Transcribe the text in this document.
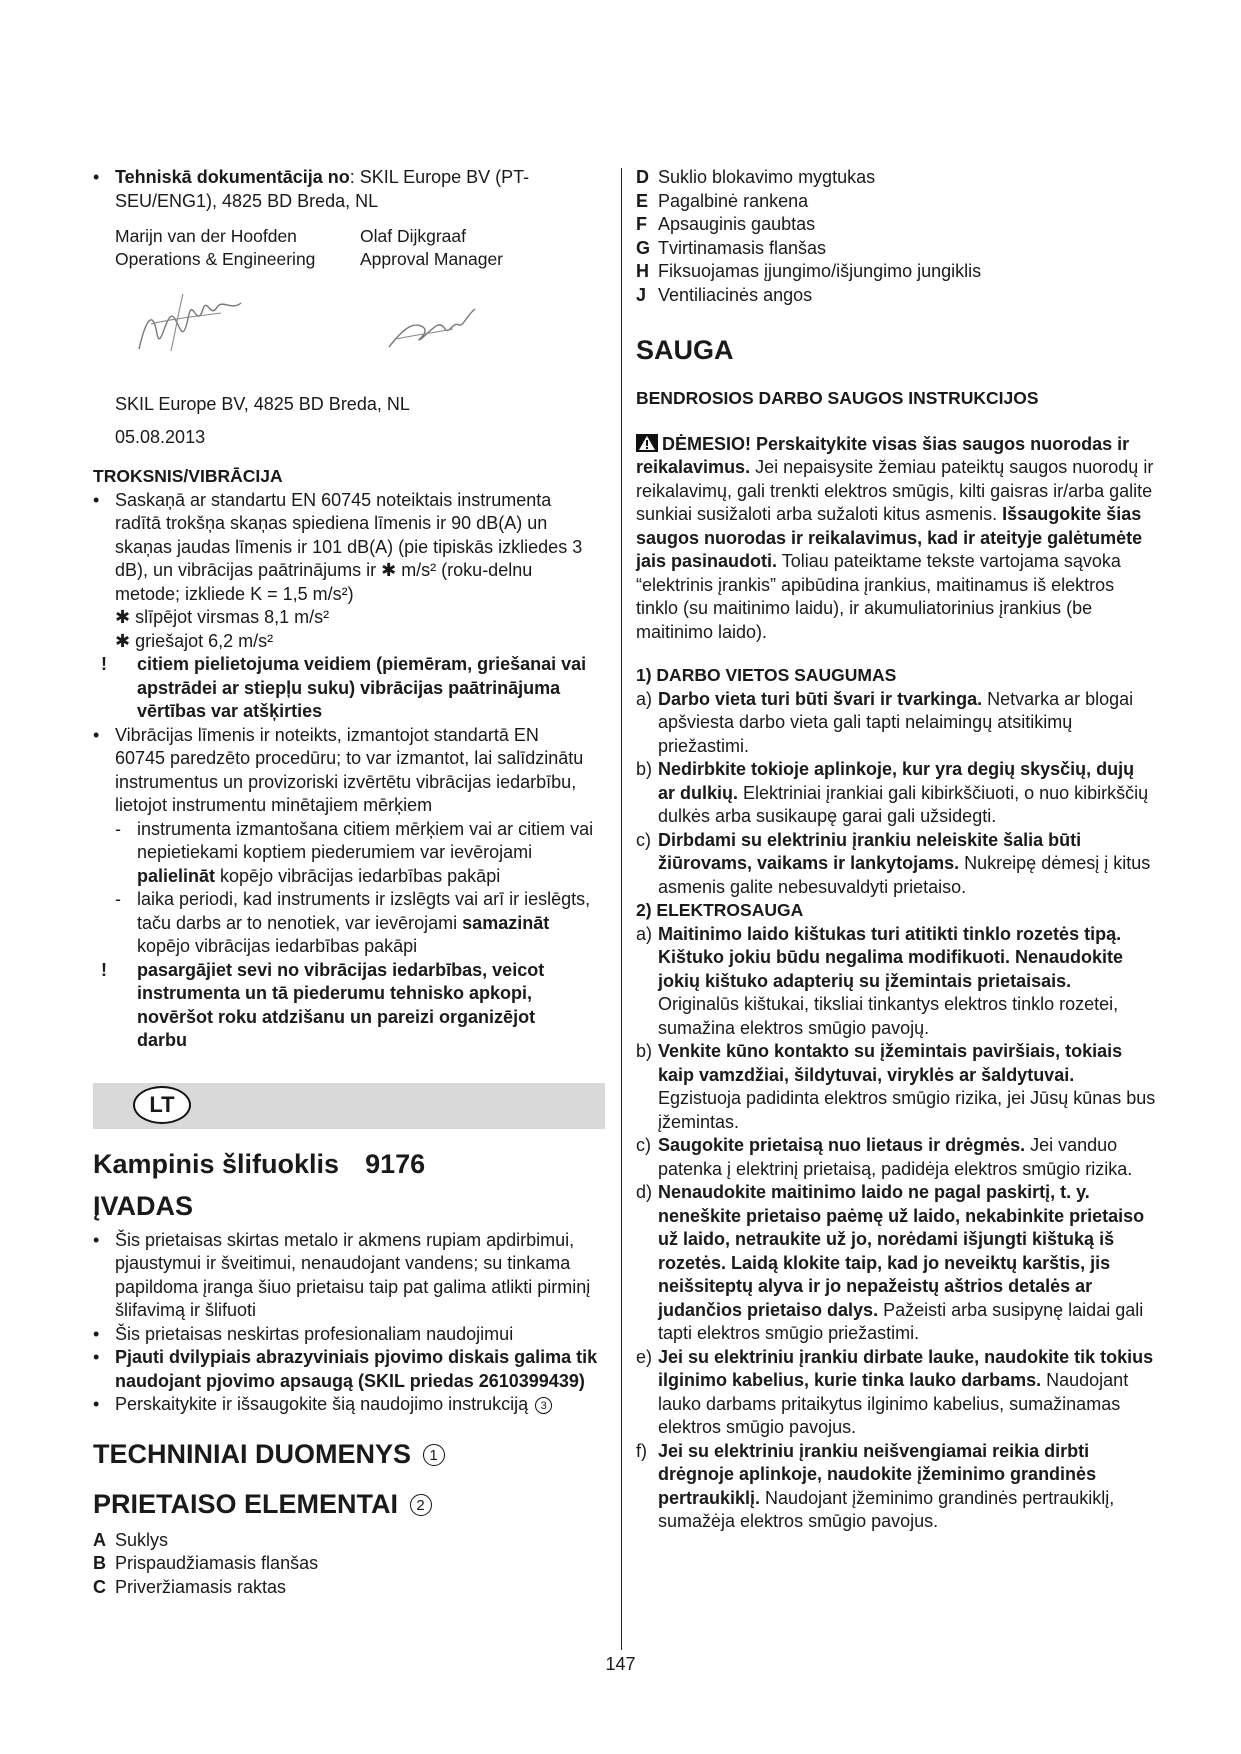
• Tehniskā dokumentācija no: SKIL Europe BV (PT-SEU/ENG1), 4825 BD Breda, NL
Marijn van der Hoofden
Operations & Engineering
Olaf Dijkgraaf
Approval Manager
SKIL Europe BV, 4825 BD Breda, NL
05.08.2013
TROKSNIS/VIBRĀCIJA
• Saskaņā ar standartu EN 60745 noteiktais instrumenta radītā trokšņa skaņas spiediena līmenis ir 90 dB(A) un skaņas jaudas līmenis ir 101 dB(A) (pie tipiskās izkliedes 3 dB), un vibrācijas paātrinājums ir ✱ m/s² (roku-delnu metode; izkliede K = 1,5 m/s²)
✱ slīpējot virsmas 8,1 m/s²
✱ griešajot 6,2 m/s²
! citiem pielietojuma veidiem (piemēram, griešanai vai apstrādei ar stiepļu suku) vibrācijas paātrinājuma vērtības var atšķirties
• Vibrācijas līmenis ir noteikts, izmantojot standartā EN 60745 paredzēto procedūru; to var izmantot, lai salīdzinātu instrumentus un provizoriski izvērtētu vibrācijas iedarbību, lietojot instrumentu minētajiem mērķiem
- instrumenta izmantošana citiem mērķiem vai ar citiem vai nepietiekami koptiem piederumiem var ievērojami palielināt kopējo vibrācijas iedarbības pakāpi
- laika periodi, kad instruments ir izslēgts vai arī ir ieslēgts, taču darbs ar to nenotiek, var ievērojami samazināt kopējo vibrācijas iedarbības pakāpi
! pasargājiet sevi no vibrācijas iedarbības, veicot instrumenta un tā piederumu tehnisko apkopi, novēršot roku atdzišanu un pareizi organizējot darbu
LT
Kampinis šlifuoklis 9176
ĮVADAS
• Šis prietaisas skirtas metalo ir akmens rupiam apdirbimui, pjaustymui ir šveitimui, nenaudojant vandens; su tinkama papildoma įranga šiuo prietaisu taip pat galima atlikti pirminį šlifavimą ir šlifuoti
• Šis prietaisas neskirtas profesionaliam naudojimui
• Pjauti dvilypiais abrazyviniais pjovimo diskais galima tik naudojant pjovimo apsaugą (SKIL priedas 2610399439)
• Perskaitykite ir išsaugokite šią naudojimo instrukciją 3
TECHNINIAI DUOMENYS 1
PRIETAISO ELEMENTAI 2
A Suklys
B Prispaudžiamasis flanšas
C Priveržiamasis raktas
D Suklio blokavimo mygtukas
E Pagalbinė rankena
F Apsauginis gaubtas
G Tvirtinamasis flanšas
H Fiksuojamas įjungimo/išjungimo jungiklis
J Ventiliacinės angos
SAUGA
BENDROSIOS DARBO SAUGOS INSTRUKCIJOS
DĖMESIO! Perskaitykite visas šias saugos nuorodas ir reikalavimus. Jei nepaisysite žemiau pateiktų saugos nuorodų ir reikalavimų, gali trenkti elektros smūgis, kilti gaisras ir/arba galite sunkiai susižaloti arba sužaloti kitus asmenis. Išsaugokite šias saugos nuorodas ir reikalavimus, kad ir ateityje galėtumėte jais pasinaudoti. Toliau pateiktame tekste vartojama sąvoka “elektrinis įrankis” apibūdina įrankius, maitinamus iš elektros tinklo (su maitinimo laidu), ir akumuliatorinius įrankius (be maitinimo laido).
1) DARBO VIETOS SAUGUMAS
a) Darbo vieta turi būti švari ir tvarkinga. Netvarka ar blogai apšviesta darbo vieta gali tapti nelaimingų atsitikimų priežastimi.
b) Nedirbkite tokioje aplinkoje, kur yra degių skysčių, dujų ar dulkių. Elektriniai įrankiai gali kibirkščiuoti, o nuo kibirkščių dulkės arba susikaupę garai gali užsidegti.
c) Dirbdami su elektriniu įrankiu neleiskite šalia būti žiūrovams, vaikams ir lankytojams. Nukreipę dėmesį į kitus asmenis galite nebesuvaldyti prietaiso.
2) ELEKTROSAUGA
a) Maitinimo laido kištukas turi atitikti tinklo rozetės tipą. Kištuko jokiu būdu negalima modifikuoti. Nenaudokite jokių kištuko adapterių su įžemintais prietaisais. Originalūs kištukai, tiksliai tinkantys elektros tinklo rozetei, sumažina elektros smūgio pavojų.
b) Venkite kūno kontakto su įžemintais paviršiais, tokiais kaip vamzdžiai, šildytuvai, viryklės ar šaldytuvai. Egzistuoja padidinta elektros smūgio rizika, jei Jūsų kūnas bus įžemintas.
c) Saugokite prietaisą nuo lietaus ir drėgmės. Jei vanduo patenka į elektrinį prietaisą, padidėja elektros smūgio rizika.
d) Nenaudokite maitinimo laido ne pagal paskirtį, t. y. neneškite prietaiso paėmę už laido, nekabinkite prietaiso už laido, netraukite už jo, norėdami išjungti kištuką iš rozetės. Laidą klokite taip, kad jo neveiktų karštis, jis neišsiteptų alyva ir jo nepažeistų aštrios detalės ar judančios prietaiso dalys. Pažeisti arba susipynę laidai gali tapti elektros smūgio priežastimi.
e) Jei su elektriniu įrankiu dirbate lauke, naudokite tik tokius ilginimo kabelius, kurie tinka lauko darbams. Naudojant lauko darbams pritaikytus ilginimo kabelius, sumažinamas elektros smūgio pavojus.
f) Jei su elektriniu įrankiu neišvengiamai reikia dirbti drėgnoje aplinkoje, naudokite įžeminimo grandinės pertraukiklį. Naudojant įžeminimo grandinės pertraukiklį, sumažėja elektros smūgio pavojus.
147
